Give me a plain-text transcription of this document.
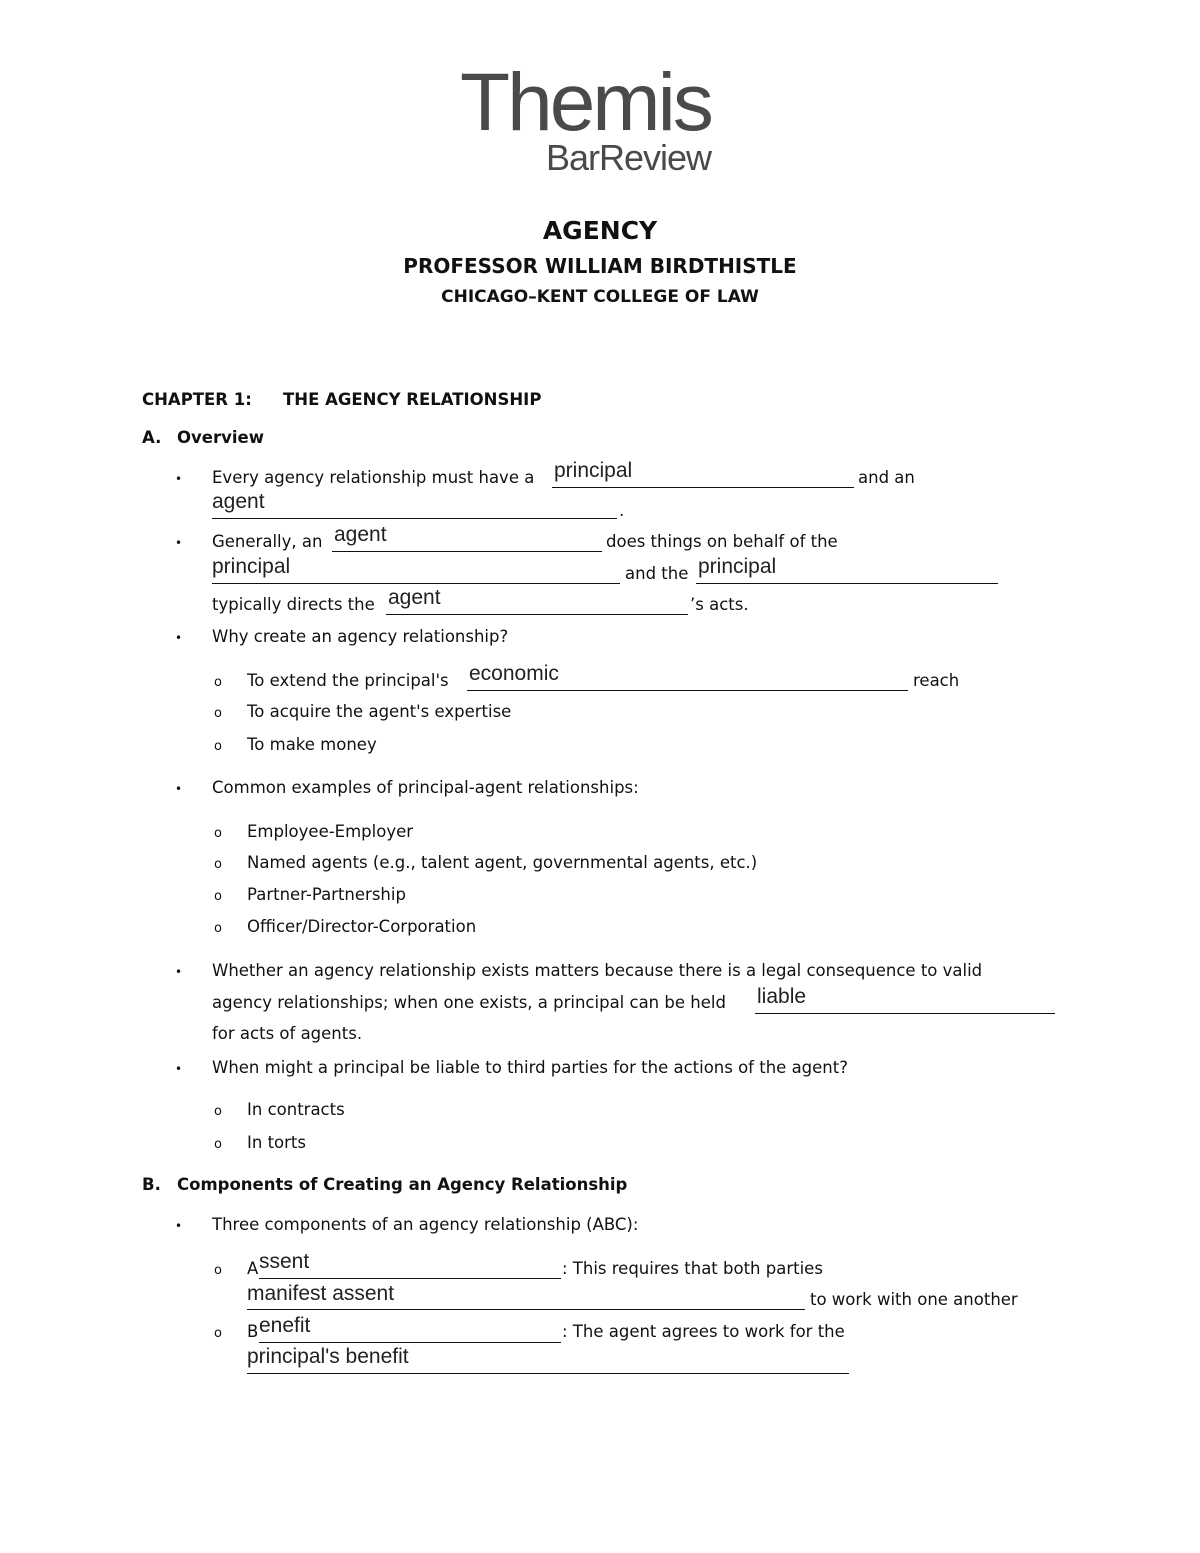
Themis
BarReview
AGENCY
PROFESSOR WILLIAM BIRDTHISTLE
CHICAGO–KENT COLLEGE OF LAW
CHAPTER 1: THE AGENCY RELATIONSHIP
A. Overview
• Every agency relationship must have a principal	and an
agent	.
• Generally, an agent	does things on behalf of the
principal	and the principal
typically directs the agent	’s acts.
• Why create an agency relationship?
o To extend the principal's economic	reach
o To acquire the agent's expertise
o To make money
• Common examples of principal-agent relationships:
o Employee-Employer
o Named agents (e.g., talent agent, governmental agents, etc.)
o Partner-Partnership
o Officer/Director-Corporation
• Whether an agency relationship exists matters because there is a legal consequence to valid
agency relationships; when one exists, a principal can be held liable
for acts of agents.
• When might a principal be liable to third parties for the actions of the agent?
o In contracts
o In torts
B. Components of Creating an Agency Relationship
• Three components of an agency relationship (ABC):
o A ssent	: This requires that both parties
manifest assent	to work with one another
o B enefit	: The agent agrees to work for the
principal's benefit
